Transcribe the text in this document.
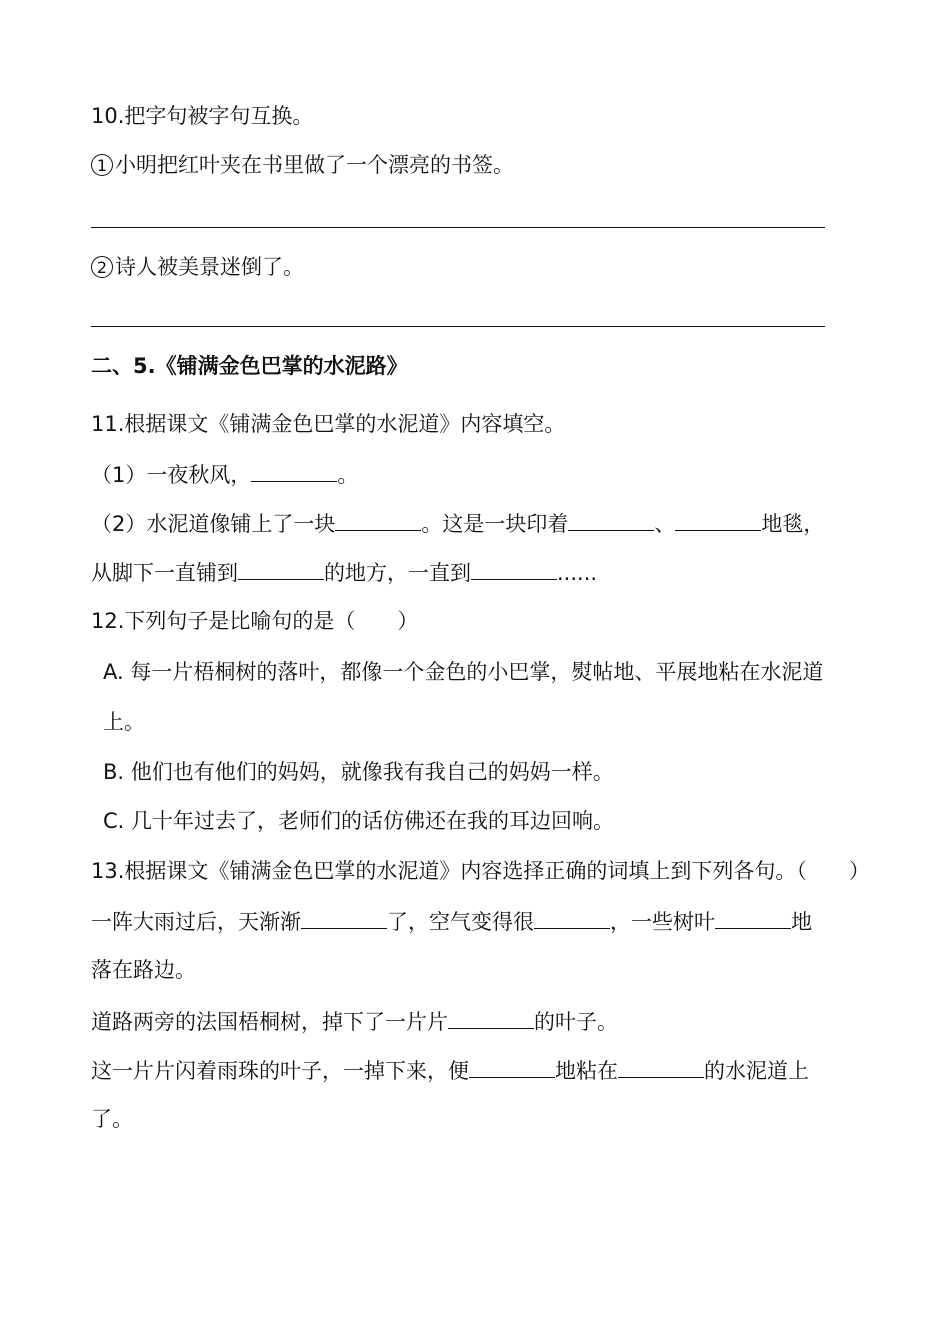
10.把字句被字句互换。
1 小明把红叶夹在书里做了一个漂亮的书签。
2 诗人被美景迷倒了。
二、5.《铺满金色巴掌的水泥路》
11.根据课文《铺满金色巴掌的水泥道》内容填空。
（1）一夜秋风，	。
（2）水泥道像铺上了一块	。这是一块印着	、	地毯，
从脚下一直铺到	的地方，一直到	......
12.下列句子是比喻句的是（　　）
A. 每一片梧桐树的落叶，都像一个金色的小巴掌，熨帖地、平展地粘在水泥道
上。
B. 他们也有他们的妈妈，就像我有我自己的妈妈一样。
C. 几十年过去了，老师们的话仿佛还在我的耳边回响。
13.根据课文《铺满金色巴掌的水泥道》内容选择正确的词填上到下列各句。（　　）
一阵大雨过后，天渐渐	了，空气变得很	，一些树叶	地
落在路边。
道路两旁的法国梧桐树，掉下了一片片	的叶子。
这一片片闪着雨珠的叶子，一掉下来，便	地粘在	的水泥道上
了。
